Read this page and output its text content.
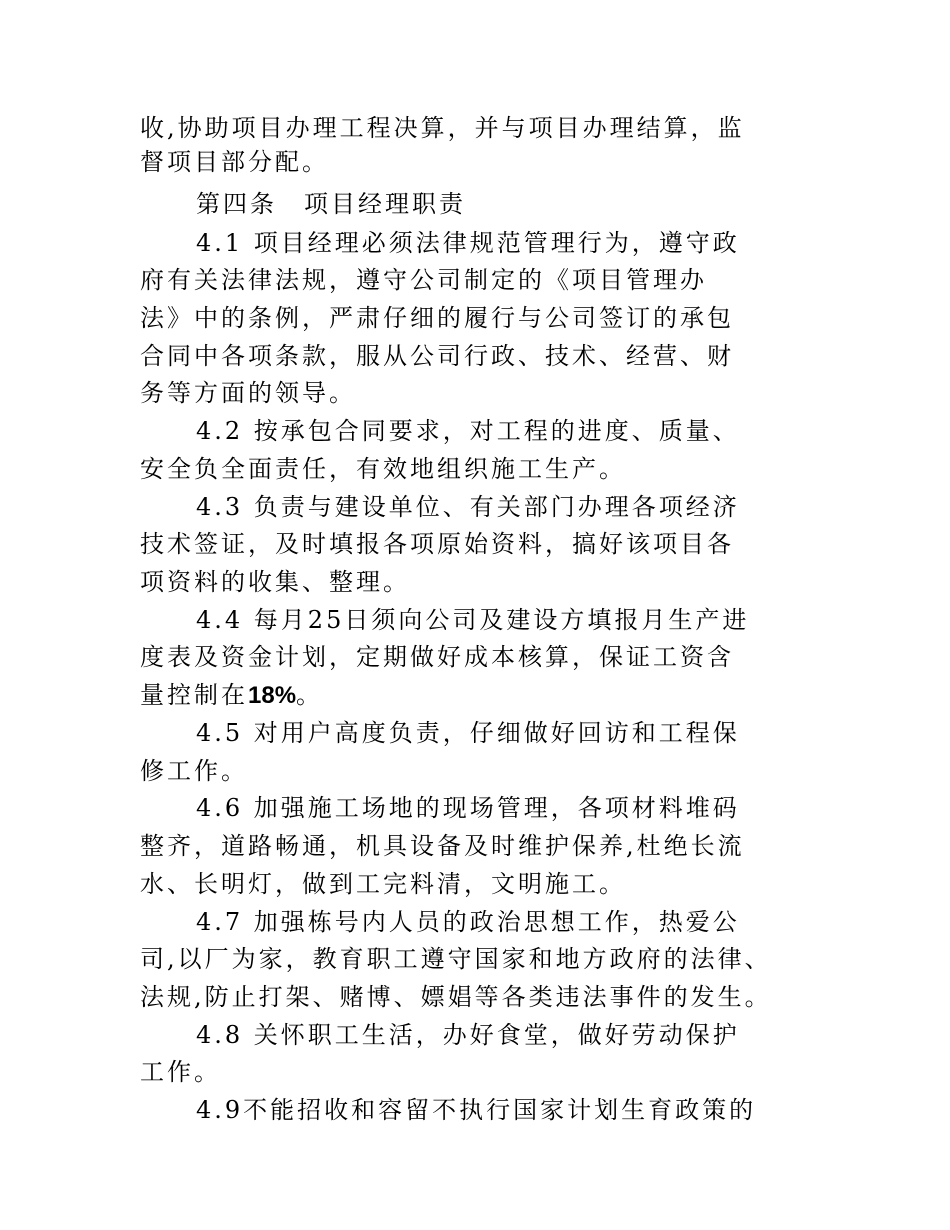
收,协助项目办理工程决算，并与项目办理结算，监
督项目部分配。
第四条　项目经理职责
4.1 项目经理必须法律规范管理行为，遵守政
府有关法律法规，遵守公司制定的《项目管理办
法》中的条例，严肃仔细的履行与公司签订的承包
合同中各项条款，服从公司行政、技术、经营、财
务等方面的领导。
4.2 按承包合同要求，对工程的进度、质量、
安全负全面责任，有效地组织施工生产。
4.3 负责与建设单位、有关部门办理各项经济
技术签证，及时填报各项原始资料，搞好该项目各
项资料的收集、整理。
4.4 每月25日须向公司及建设方填报月生产进
度表及资金计划，定期做好成本核算，保证工资含
量控制在18%。
4.5 对用户高度负责，仔细做好回访和工程保
修工作。
4.6 加强施工场地的现场管理，各项材料堆码
整齐，道路畅通，机具设备及时维护保养,杜绝长流
水、长明灯，做到工完料清，文明施工。
4.7 加强栋号内人员的政治思想工作，热爱公
司,以厂为家，教育职工遵守国家和地方政府的法律、
法规,防止打架、赌博、嫖娼等各类违法事件的发生。
4.8 关怀职工生活，办好食堂，做好劳动保护
工作。
4.9不能招收和容留不执行国家计划生育政策的
